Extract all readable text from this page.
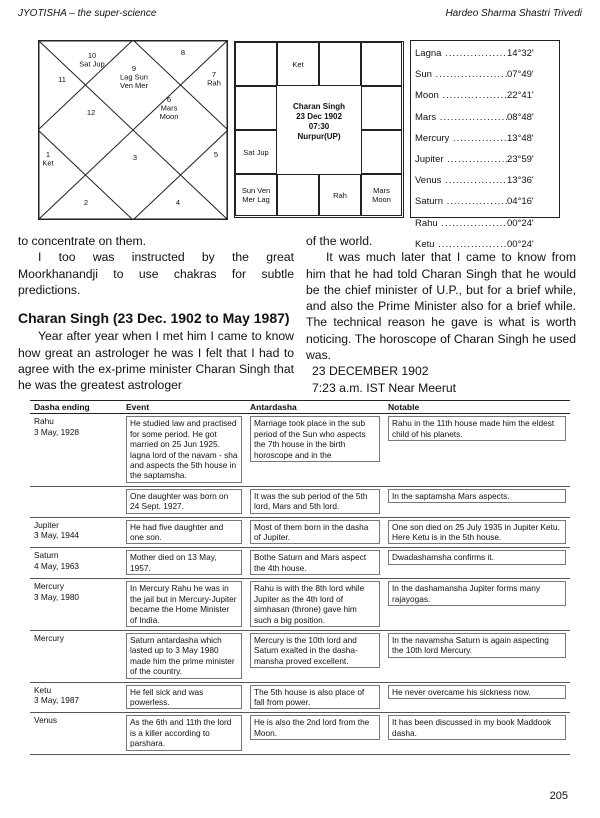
JYOTISHA – the super-science	Hardeo Sharma Shastri Trivedi
1 Ket
2
3
4
5
6 Mars Moon
7 Rah
8
9 Lag Sun Ven Mer
10 Sat Jup
11
12
Ket
Sat Jup
Sun Ven
Mer Lag	Rah	Mars
Moon
Charan Singh
23 Dec 1902
07:30
Nurpur(UP)
Lagna .....	14°32'
Sun .....	07°49'
Moon .....	22°41'
Mars .....	08°48'
Mercury .....	13°48'
Jupiter .....	23°59'
Venus .....	13°36'
Saturn .....	04°16'
Rahu .....	00°24'
Ketu .....	00°24'

to concentrate on them.

I too was instructed by the great Moorkhanandji to use chakras for subtle predictions.

Charan Singh (23 Dec. 1902 to May 1987)

Year after year when I met him I came to know how great an astrologer he was I felt that I had to agree with the ex-prime minister Charan Singh that he was the greatest astrologer

of the world.

It was much later that I came to know from him that he had told Charan Singh that he would be the chief minister of U.P., but for a brief while, and also the Prime Minister also for a brief while. The technical reason he gave is what is worth noticing. The horoscope of Charan Singh he used was.

23 DECEMBER 1902

7:23 a.m. IST Near Meerut

Dasha ending	Event	Antardasha	Notable
Rahu
3 May, 1928	He studied law and practised for some period. He got married on 25 Jun 1925. lagna lord of the navam - sha and aspects the 5th house in the saptamsha.	Marriage took place in the sub period of the Sun who aspects the 7th house in the birth horoscope and in the	Rahu in the 11th house made him the eldest child of his planets.

	One daughter was born on 24 Sept. 1927.	It was the sub period of the 5th lord, Mars and 5th lord.	In the saptamsha Mars aspects.

Jupiter
3 May, 1944	He had five daughter and one son.	Most of them born in the dasha of Jupiter.	One son died on 25 July 1935 in Jupiter Ketu. Here Ketu is in the 5th house.

Saturn
4 May, 1963	Mother died on 13 May, 1957.	Bothe Saturn and Mars aspect the 4th house.	Dwadashamsha confirms it.

Mercury
3 May, 1980	In Mercury Rahu he was in the jail but in Mercury-Jupiter became the Home Minister of India.	Rahu is with the 8th lord while Jupiter as the 4th lord of simhasan (throne) gave him such a big position.	In the dashamansha Jupiter forms many rajayogas.

Mercury	Saturn antardasha which lasted up to 3 May 1980 made him the prime minister of the country.	Mercury is the 10th lord and Saturn exalted in the dasha-mansha proved excellent.	In the navamsha Saturn is again aspecting the 10th lord Mercury.

Ketu
3 May, 1987	He fell sick and was powerless.	The 5th house is also place of fall from power.	He never overcame his sickness now.

Venus	As the 6th and 11th the lord is a killer according to parshara.	He is also the 2nd lord from the Moon.	It has been discussed in my book Maddook dasha.
205
